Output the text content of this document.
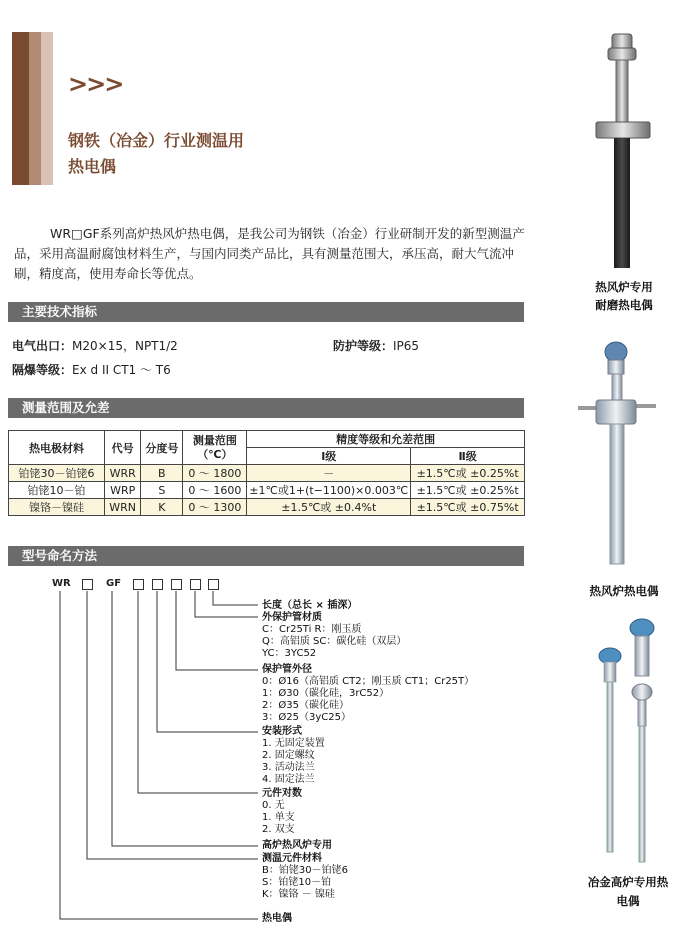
>>>
钢铁（冶金）行业测温用
热电偶
WR□GF系列高炉热风炉热电偶，是我公司为钢铁（冶金）行业研制开发的新型测温产品，采用高温耐腐蚀材料生产，与国内同类产品比，具有测量范围大，承压高，耐大气流冲刷，精度高，使用寿命长等优点。
主要技术指标
电气出口：M20×15，NPT1/2	防护等级：IP65
隔爆等级：Ex d II CT1 ～ T6
测量范围及允差
热电极材料	代号	分度号	测量范围
（℃）	精度等级和允差范围	
				Ⅰ级	Ⅱ级
铂铑30－铂铑6	WRR	B	0 ～ 1800	－	±1.5℃或 ±0.25%t
铂铑10－铂	WRP	S	0 ～ 1600	±1℃或1+(t−1100)×0.003℃	±1.5℃或 ±0.25%t
镍铬－镍硅	WRN	K	0 ～ 1300	±1.5℃或 ±0.4%t	±1.5℃或 ±0.75%t
型号命名方法
WR	GF
长度（总长 × 插深）
外保护管材质
C：Cr25Ti R：刚玉质
Q：高铝质 SC：碳化硅（双层）
YC：3YC52
保护管外径
0：Ø16（高铝质 CT2；刚玉质 CT1；Cr25T）
1：Ø30（碳化硅，3rC52）
2：Ø35（碳化硅）
3：Ø25（3yC25）
安装形式
1. 无固定装置
2. 固定螺纹
3. 活动法兰
4. 固定法兰
元件对数
0. 无
1. 单支
2. 双支
高炉热风炉专用
测温元件材料
B：铂铑30－铂铑6
S：铂铑10－铂
K：镍铬 － 镍硅
热电偶
热风炉专用
耐磨热电偶
热风炉热电偶
冶金高炉专用热
电偶
